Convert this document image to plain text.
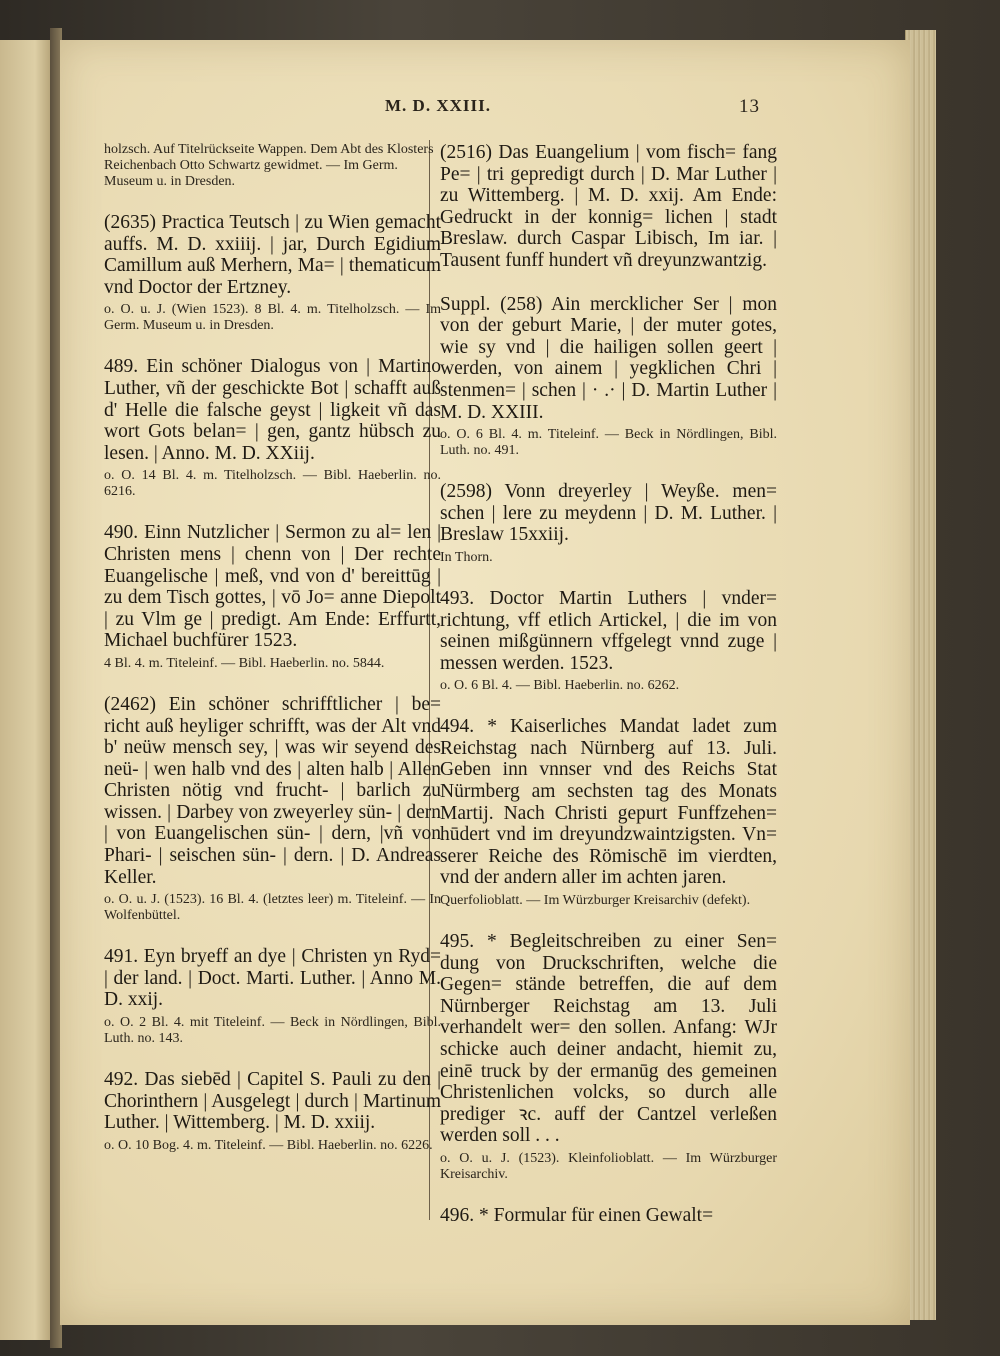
M. D. XXIII.	13
holzsch. Auf Titelrückseite Wappen. Dem Abt des Klosters Reichenbach Otto Schwartz gewidmet. — Im Germ. Museum u. in Dresden.
(2635) Practica Teutsch | zu Wien gemacht auffs. M. D. xxiiij. | jar, Durch Egidium Camillum auß Merhern, Ma= | thematicum vnd Doctor der Ertzney.
o. O. u. J. (Wien 1523). 8 Bl. 4. m. Titelholzsch. — Im Germ. Museum u. in Dresden.
489. Ein schöner Dialogus von | Martino Luther, vñ der geschickte Bot | schafft auß d' Helle die falsche geyst | ligkeit vñ das wort Gots belan= | gen, gantz hübsch zu lesen. | Anno. M. D. XXiij.
o. O. 14 Bl. 4. m. Titelholzsch. — Bibl. Haeberlin. no. 6216.
490. Einn Nutzlicher | Sermon zu al= len | Christen mens | chenn von | Der rechte Euangelische | meß, vnd von d' bereittūg | zu dem Tisch gottes, | vō Jo= anne Diepolt | zu Vlm ge | predigt. Am Ende: Erffurtt, Michael buchfürer 1523.
4 Bl. 4. m. Titeleinf. — Bibl. Haeberlin. no. 5844.
(2462) Ein schöner schrifftlicher | be= richt auß heyliger schrifft, was der Alt vnd b' neüw mensch sey, | was wir seyend des neü- | wen halb vnd des | alten halb | Allen Christen nötig vnd frucht- | barlich zu wissen. | Darbey von zweyerley sün- | dern | von Euangelischen sün- | dern, |vñ von Phari- | seischen sün- | dern. | D. Andreas Keller.
o. O. u. J. (1523). 16 Bl. 4. (letztes leer) m. Titeleinf. — In Wolfenbüttel.
491. Eyn bryeff an dye | Christen yn Ryd= | der land. | Doct. Marti. Luther. | Anno M. D. xxij.
o. O. 2 Bl. 4. mit Titeleinf. — Beck in Nördlingen, Bibl. Luth. no. 143.
492. Das siebēd | Capitel S. Pauli zu den | Chorinthern | Ausgelegt | durch | Martinum Luther. | Wittemberg. | M. D. xxiij.
o. O. 10 Bog. 4. m. Titeleinf. — Bibl. Haeberlin. no. 6226.
(2516) Das Euangelium | vom fisch= fang Pe= | tri gepredigt durch | D. Mar Luther | zu Wittemberg. | M. D. xxij. Am Ende: Gedruckt in der konnig= lichen | stadt Breslaw. durch Caspar Libisch, Im iar. | Tausent funff hundert vñ dreyunzwantzig.
Suppl. (258) Ain mercklicher Ser | mon von der geburt Marie, | der muter gotes, wie sy vnd | die hailigen sollen geert | werden, von ainem | yegklichen Chri | stenmen= | schen | · .· | D. Martin Luther | M. D. XXIII.
o. O. 6 Bl. 4. m. Titeleinf. — Beck in Nördlingen, Bibl. Luth. no. 491.
(2598) Vonn dreyerley | Weyße. men= schen | lere zu meydenn | D. M. Luther. | Breslaw 15xxiij.
In Thorn.
493. Doctor Martin Luthers | vnder= richtung, vff etlich Artickel, | die im von seinen mißgünnern vffgelegt vnnd zuge | messen werden. 1523.
o. O. 6 Bl. 4. — Bibl. Haeberlin. no. 6262.
494. * Kaiserliches Mandat ladet zum Reichstag nach Nürnberg auf 13. Juli. Geben inn vnnser vnd des Reichs Stat Nürmberg am sechsten tag des Monats Martij. Nach Christi gepurt Funffzehen= hūdert vnd im dreyundzwaintzigsten. Vn= serer Reiche des Römischē im vierdten, vnd der andern aller im achten jaren.
Querfolioblatt. — Im Würzburger Kreisarchiv (defekt).
495. * Begleitschreiben zu einer Sen= dung von Druckschriften, welche die Gegen= stände betreffen, die auf dem Nürnberger Reichstag am 13. Juli verhandelt wer= den sollen. Anfang: WJr schicke auch deiner andacht, hiemit zu, einē truck by der ermanūg des gemeinen Christenlichen volcks, so durch alle prediger ꝛc. auff der Cantzel verleßen werden soll . . .
o. O. u. J. (1523). Kleinfolioblatt. — Im Würzburger Kreisarchiv.
496. * Formular für einen Gewalt=
